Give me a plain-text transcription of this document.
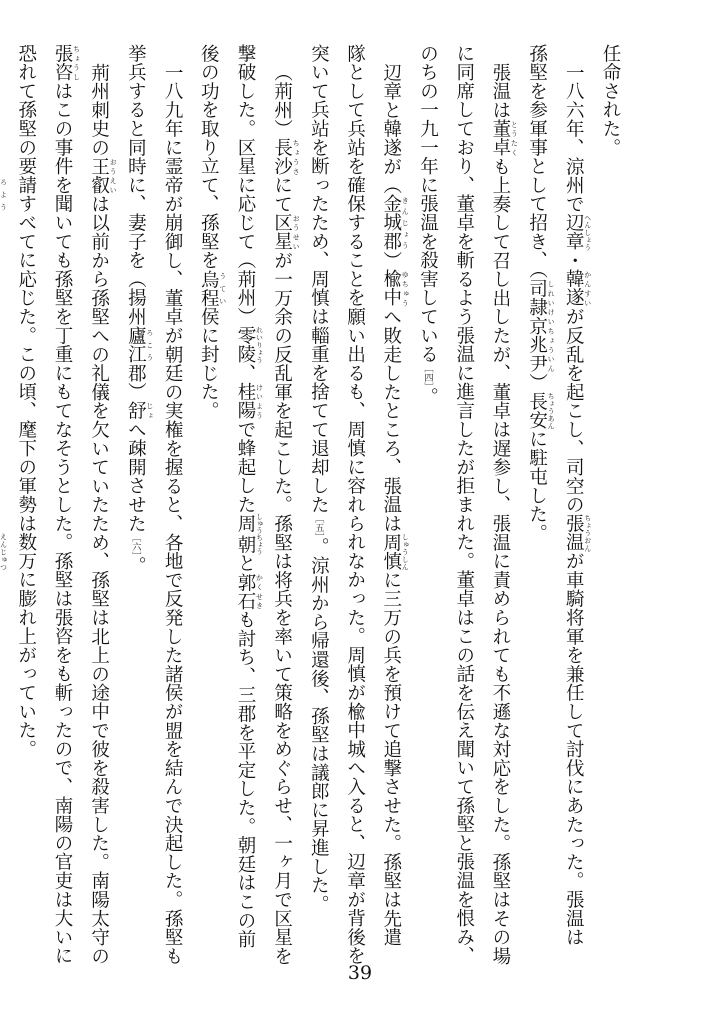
任命された。
一八六年、涼州で辺章 へんしょう・韓遂 かんすいが反乱を起こし、司空の張温 ちょうおんが車騎将軍を兼任して討伐にあたった。張温は
孫堅を参軍事として招き、（司隷京兆尹 しれいけいちょういん）長安 ちょうあんに駐屯した。
張温は董卓 とうたくも上奏して召し出したが、董卓は遅参し、張温に責められても不遜な対応をした。孫堅はその場
に同席しており、董卓を斬るよう張温に進言したが拒まれた。董卓はこの話を伝え聞いて孫堅と張温を恨み、
のちの一九一年に張温を殺害している$^{[四]}$。
辺章と韓遂が（金城郡 きんじょう）楡中 ゆちゅうへ敗走したところ、張温は周慎 しゅうしんに三万の兵を預けて追撃させた。孫堅は先遣
隊として兵站を確保することを願い出るも、周慎に容れられなかった。周慎が楡中城へ入ると、辺章が背後を
突いて兵站を断ったため、周慎は輜重を捨てて退却した$^{[五]}$。涼州から帰還後、孫堅は議郎に昇進した。
（荊州）長沙 ちょうさにて区星 おうせいが一万余の反乱軍を起こした。孫堅は将兵を率いて策略をめぐらせ、一ヶ月で区星を
撃破した。区星に応じて（荊州）零陵 れいりょう、桂陽 けいようで蜂起した周朝 しゅうちょうと郭石 かくせきも討ち、三郡を平定した。朝廷はこの前
後の功を取り立て、孫堅を烏程 うてい侯に封じた。
一八九年に霊帝が崩御し、董卓が朝廷の実権を握ると、各地で反発した諸侯が盟を結んで決起した。孫堅も
挙兵すると同時に、妻子を（揚州廬江 ろこう郡）舒 じょへ疎開させた$^{[六]}$。
荊州刺史の王叡 おうえいは以前から孫堅への礼儀を欠いていたため、孫堅は北上の途中で彼を殺害した。南陽太守の
張咨 ちょうしはこの事件を聞いても孫堅を丁重にもてなそうとした。孫堅は張咨をも斬ったので、南陽の官吏は大いに
恐れて孫堅の要請すべてに応じた。この頃、麾下の軍勢は数万に膨れ上がっていた。
ろようえんじゅつ
39
